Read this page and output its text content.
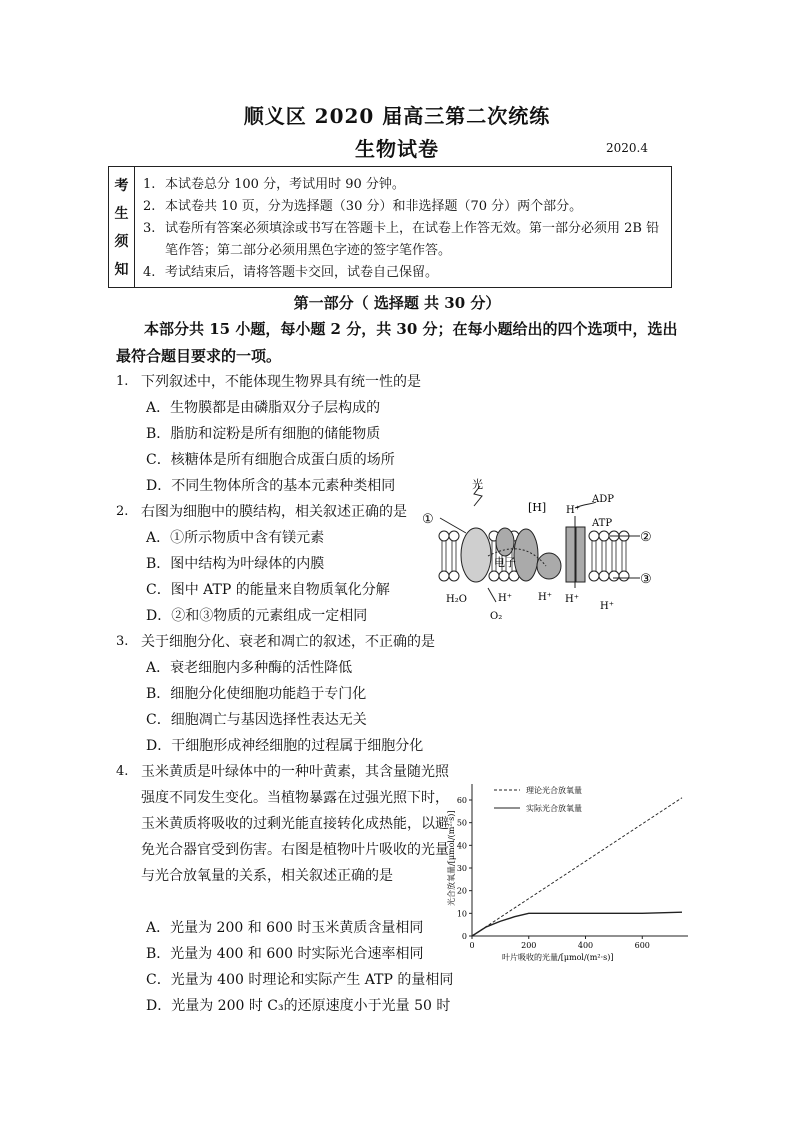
顺义区 2020 届高三第二次统练
生物试卷	2020.4
考
生
须
知
1. 本试卷总分 100 分，考试用时 90 分钟。
2. 本试卷共 10 页，分为选择题（30 分）和非选择题（70 分）两个部分。
3. 试卷所有答案必须填涂或书写在答题卡上，在试卷上作答无效。第一部分必须用 2B 铅笔作答；第二部分必须用黑色字迹的签字笔作答。
4. 考试结束后，请将答题卡交回，试卷自己保留。
第一部分（ 选择题 共 30 分）
本部分共 15 小题，每小题 2 分，共 30 分；在每小题给出的四个选项中，选出最符合题目要求的一项。
1. 下列叙述中，不能体现生物界具有统一性的是
A．生物膜都是由磷脂双分子层构成的
B．脂肪和淀粉是所有细胞的储能物质
C．核糖体是所有细胞合成蛋白质的场所
D．不同生物体所含的基本元素种类相同
2. 右图为细胞中的膜结构，相关叙述正确的是
A．①所示物质中含有镁元素
B．图中结构为叶绿体的内膜
C．图中 ATP 的能量来自物质氧化分解
D．②和③物质的元素组成一定相同
光
[H] H⁺
ADP
ATP
①
②
③
电子
H₂O	H⁺
O₂
H⁺ H⁺
H⁺
3. 关于细胞分化、衰老和凋亡的叙述，不正确的是
A．衰老细胞内多种酶的活性降低
B．细胞分化使细胞功能趋于专门化
C．细胞凋亡与基因选择性表达无关
D．干细胞形成神经细胞的过程属于细胞分化
4. 玉米黄质是叶绿体中的一种叶黄素，其含量随光照强度不同发生变化。当植物暴露在过强光照下时，玉米黄质将吸收的过剩光能直接转化成热能，以避免光合器官受到伤害。右图是植物叶片吸收的光量与光合放氧量的关系，相关叙述正确的是
A．光量为 200 和 600 时玉米黄质含量相同
B．光量为 400 和 600 时实际光合速率相同
C．光量为 400 时理论和实际产生 ATP 的量相同
D．光量为 200 时 C₃的还原速度小于光量 50 时
0
10
20
30
40
50
60
0	200	400	600
理论光合放氧量
实际光合放氧量
叶片吸收的光量/[μmol/(m²·s)]
光合放氧量/[μmol/(m²·s)]
